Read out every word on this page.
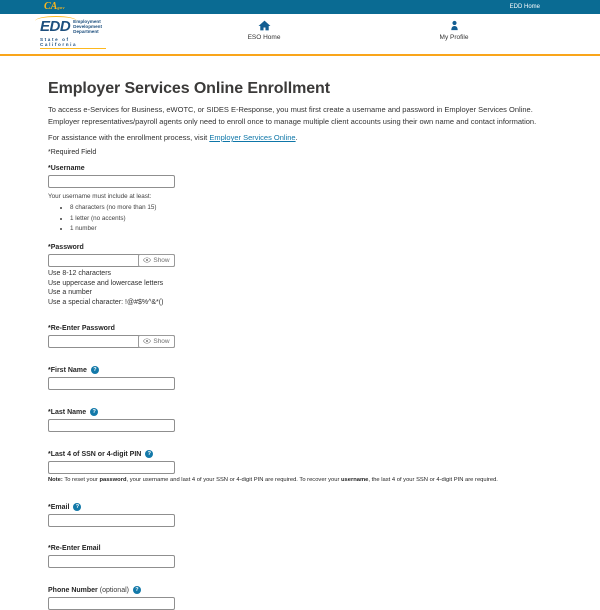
CAgov	EDD Home
EDD Employment
Development
Department
State of California
ESO Home	My Profile
Employer Services Online Enrollment

To access e-Services for Business, eWOTC, or SIDES E-Response, you must first create a username and password in Employer Services Online. Employer representatives/payroll agents only need to enroll once to manage multiple client accounts using their own name and contact information.

For assistance with the enrollment process, visit Employer Services Online.

*Required Field

* Username
Your username must include at least:
• 8 characters (no more than 15)
• 1 letter (no accents)
• 1 number
* Password
Show
Use 8-12 characters
Use uppercase and lowercase letters
Use a number
Use a special character: !@#$%^&*()
* Re-Enter Password
Show
* First Name	?
* Last Name	?
* Last 4 of SSN or 4-digit PIN	?
Note: To reset your password, your username and last 4 of your SSN or 4-digit PIN are required. To recover your username, the last 4 of your SSN or 4-digit PIN are required.
* Email	?
* Re-Enter Email
Phone Number (optional)	?
